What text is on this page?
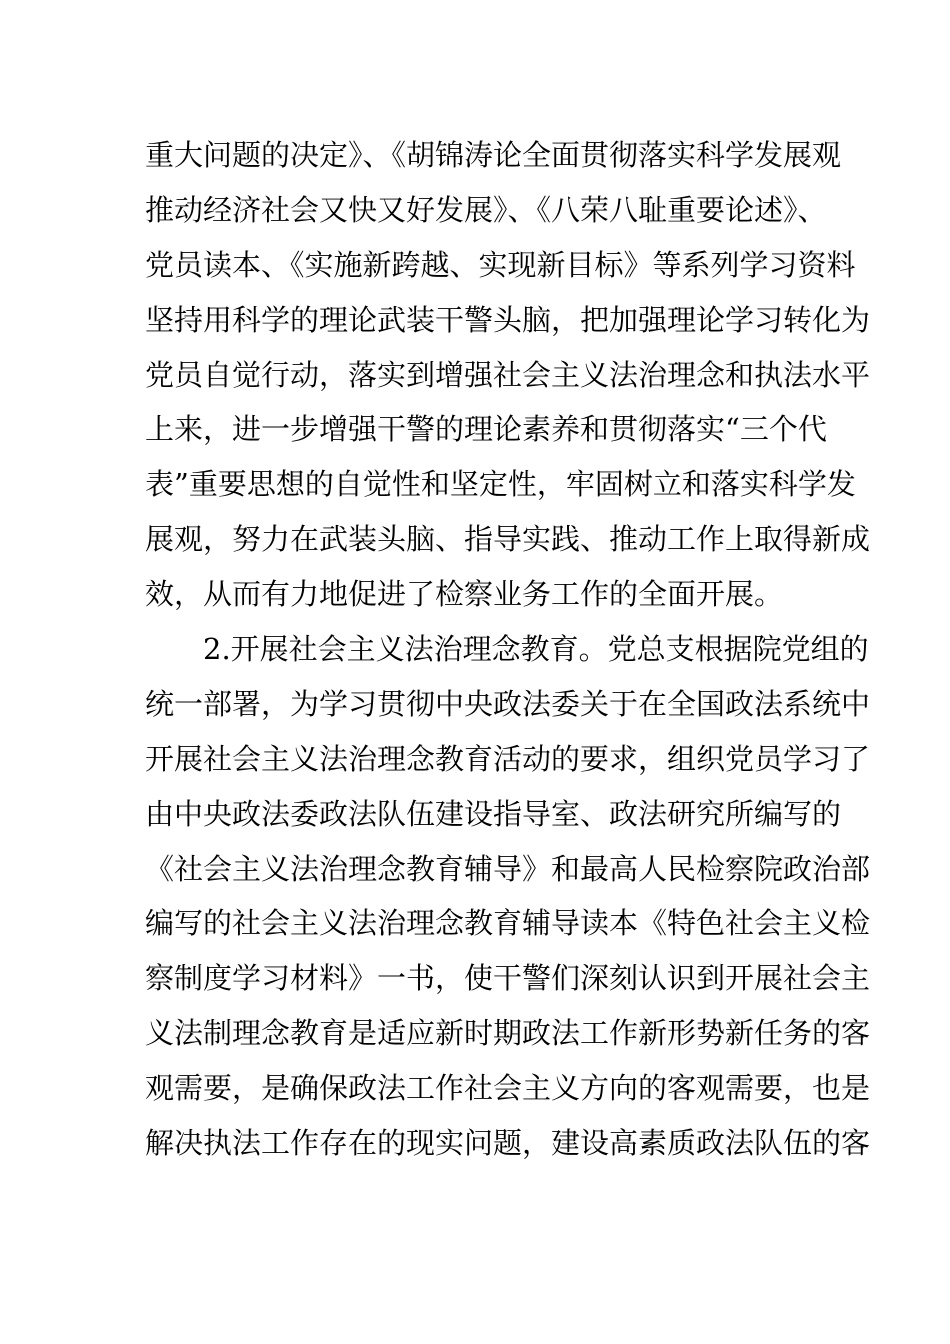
重大问题的决定》、《胡锦涛论全面贯彻落实科学发展观
推动经济社会又快又好发展》、《八荣八耻重要论述》、
党员读本、《实施新跨越、实现新目标》等系列学习资料
坚持用科学的理论武装干警头脑，把加强理论学习转化为
党员自觉行动，落实到增强社会主义法治理念和执法水平
上来，进一步增强干警的理论素养和贯彻落实“三个代
表”重要思想的自觉性和坚定性，牢固树立和落实科学发
展观，努力在武装头脑、指导实践、推动工作上取得新成
效，从而有力地促进了检察业务工作的全面开展。
2.开展社会主义法治理念教育。党总支根据院党组的
统一部署，为学习贯彻中央政法委关于在全国政法系统中
开展社会主义法治理念教育活动的要求，组织党员学习了
由中央政法委政法队伍建设指导室、政法研究所编写的
《社会主义法治理念教育辅导》和最高人民检察院政治部
编写的社会主义法治理念教育辅导读本《特色社会主义检
察制度学习材料》一书，使干警们深刻认识到开展社会主
义法制理念教育是适应新时期政法工作新形势新任务的客
观需要，是确保政法工作社会主义方向的客观需要，也是
解决执法工作存在的现实问题，建设高素质政法队伍的客
